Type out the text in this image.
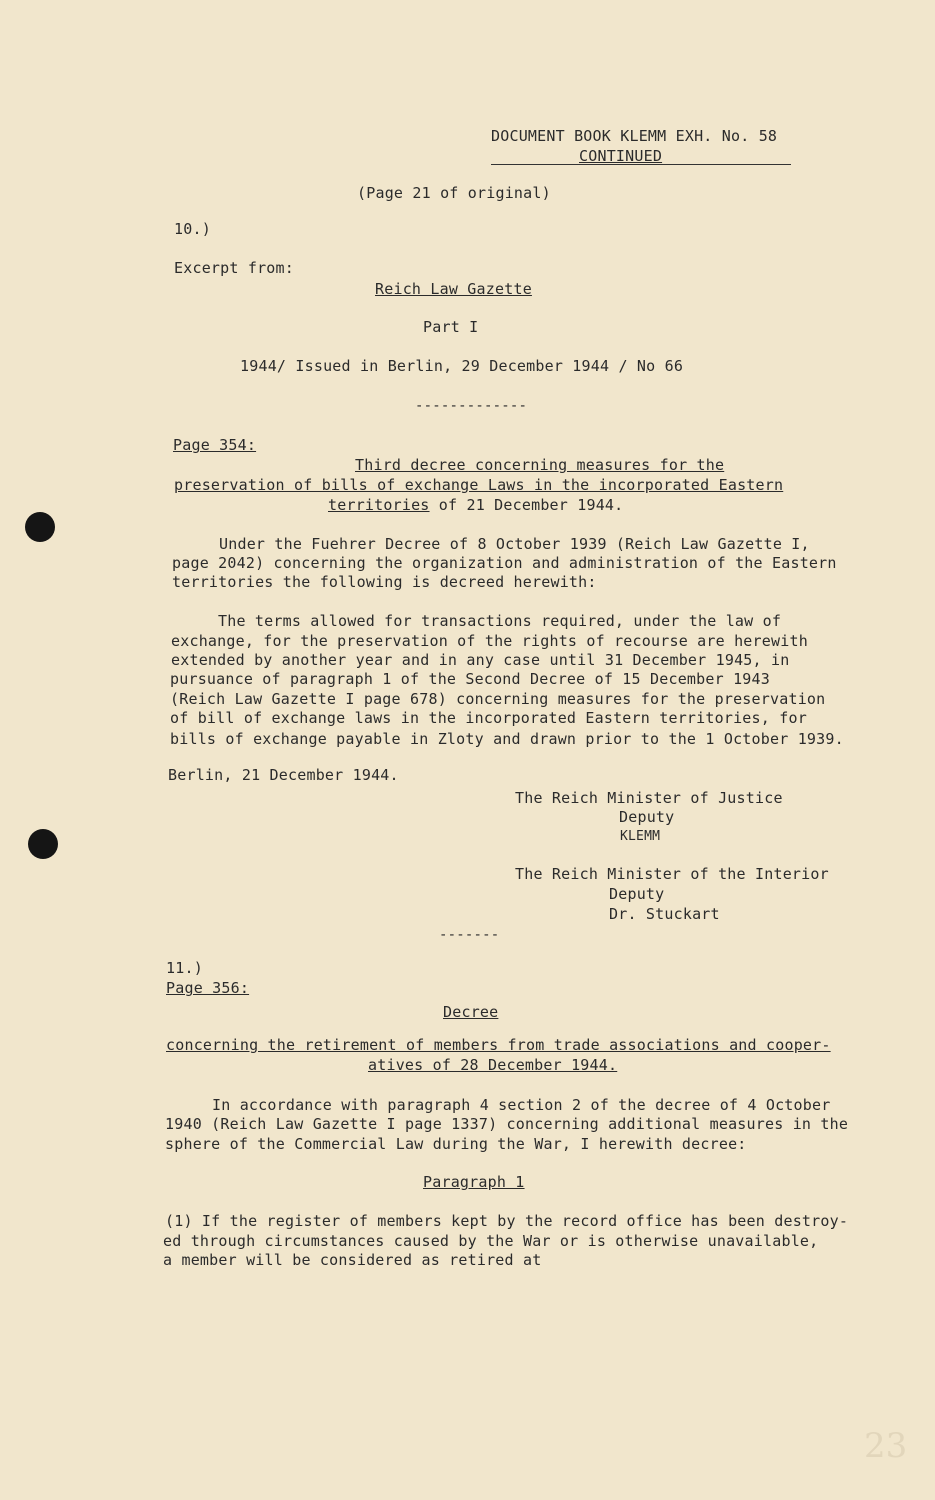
DOCUMENT BOOK KLEMM EXH. No. 58
CONTINUED
(Page 21 of original)
10.)
Excerpt from:
Reich Law Gazette
Part I
1944/ Issued in Berlin, 29 December 1944 / No 66
-------------
Page 354:
Third decree concerning measures for the
preservation of bills of exchange Laws in the incorporated Eastern
territories of 21 December 1944.
Under the Fuehrer Decree of 8 October 1939 (Reich Law Gazette I,
page 2042) concerning the organization and administration of the Eastern
territories the following is decreed herewith:
The terms allowed for transactions required, under the law of
exchange, for the preservation of the rights of recourse are herewith
extended by another year and in any case until 31 December 1945, in
pursuance of paragraph 1 of the Second Decree of 15 December 1943
(Reich Law Gazette I page 678) concerning measures for the preservation
of bill of exchange laws in the incorporated Eastern territories, for
bills of exchange payable in Zloty and drawn prior to the 1 October 1939.
Berlin, 21 December 1944.
The Reich Minister of Justice
Deputy
KLEMM
The Reich Minister of the Interior
Deputy
Dr. Stuckart
-------
11.)
Page 356:
Decree
concerning the retirement of members from trade associations and cooper-
atives of 28 December 1944.
In accordance with paragraph 4 section 2 of the decree of 4 October
1940 (Reich Law Gazette I page 1337) concerning additional measures in the
sphere of the Commercial Law during the War, I herewith decree:
Paragraph 1
(1) If the register of members kept by the record office has been destroy-
ed through circumstances caused by the War or is otherwise unavailable,
a member will be considered as retired at
23
